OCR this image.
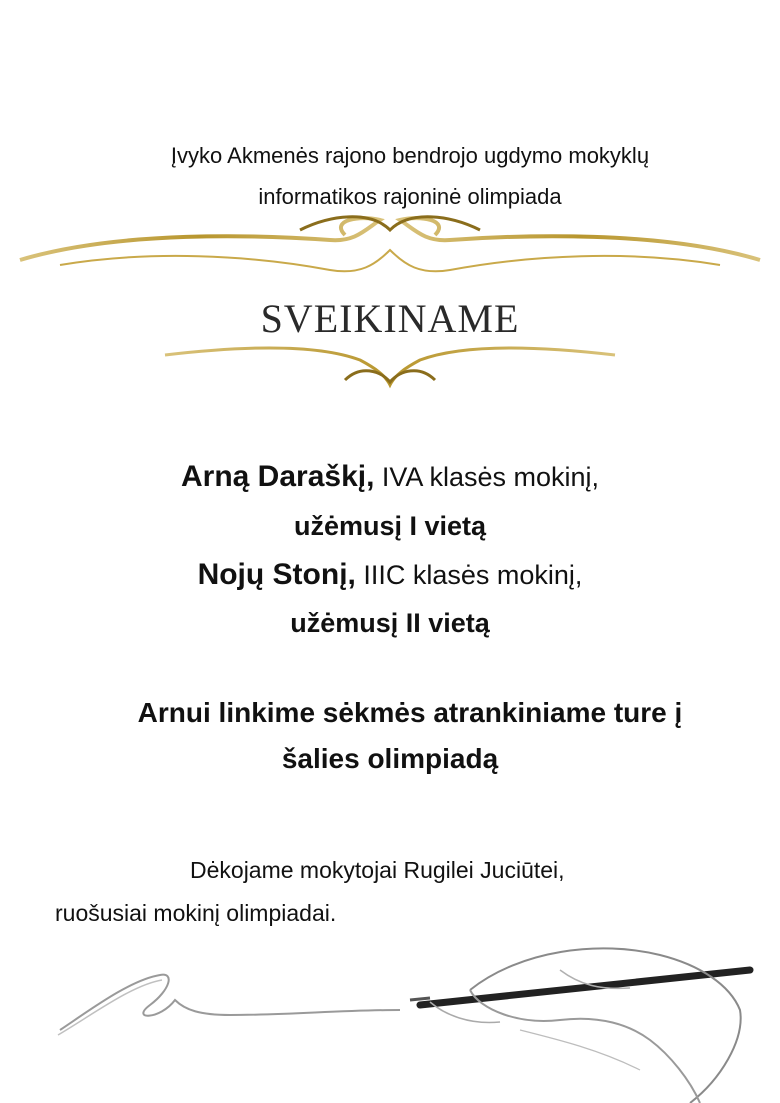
Įvyko Akmenės rajono bendrojo ugdymo mokyklų
informatikos rajoninė olimpiada
SVEIKINAME
Arną Daraškį, IVA klasės mokinį,
užėmusį I vietą
Nojų Stonį, IIIC klasės mokinį,
užėmusį II vietą
Arnui linkime sėkmės atrankiniame ture į
šalies olimpiadą
Dėkojame mokytojai Rugilei Juciūtei,
ruošusiai mokinį olimpiadai.
